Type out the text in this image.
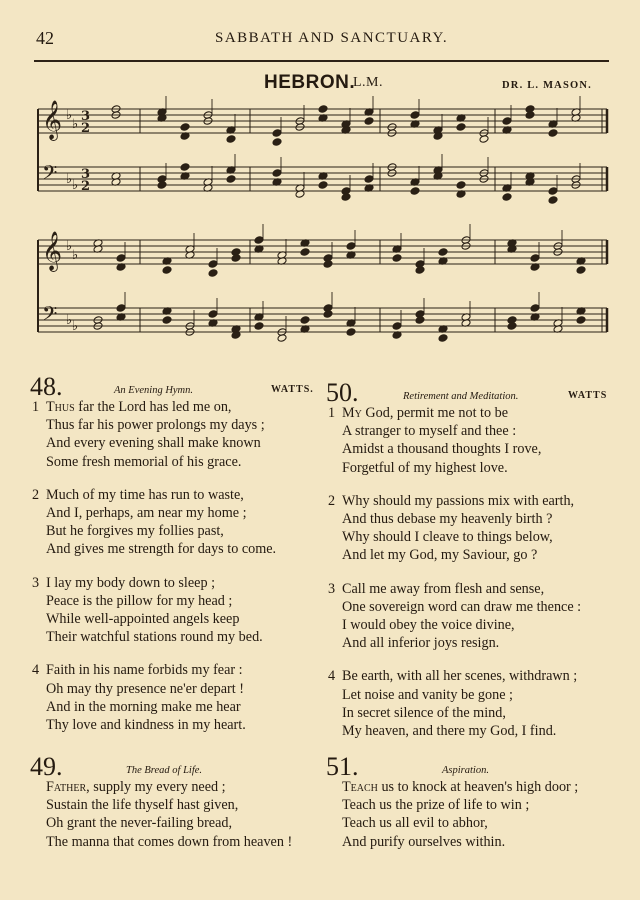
42	SABBATH AND SANCTUARY.
HEBRON.
L.M.	DR. L. MASON.
𝄞 ♭
♭
3
2
𝄢 ♭ ♭
3
2
𝄞 ♭
♭
𝄢 ♭ ♭
48.	An Evening Hymn.	WATTS.
1 Thus far the Lord has led me on,
Thus far his power prolongs my days ;
And every evening shall make known
Some fresh memorial of his grace.
2 Much of my time has run to waste,
And I, perhaps, am near my home ;
But he forgives my follies past,
And gives me strength for days to come.
3 I lay my body down to sleep ;
Peace is the pillow for my head ;
While well-appointed angels keep
Their watchful stations round my bed.
4 Faith in his name forbids my fear :
Oh may thy presence ne'er depart !
And in the morning make me hear
Thy love and kindness in my heart.
49.	The Bread of Life.
Father, supply my every need ;
Sustain the life thyself hast given,
Oh grant the never-failing bread,
The manna that comes down from heaven !
50.	Retirement and Meditation.	WATTS
1 My God, permit me not to be
A stranger to myself and thee :
Amidst a thousand thoughts I rove,
Forgetful of my highest love.
2 Why should my passions mix with earth,
And thus debase my heavenly birth ?
Why should I cleave to things below,
And let my God, my Saviour, go ?
3 Call me away from flesh and sense,
One sovereign word can draw me thence :
I would obey the voice divine,
And all inferior joys resign.
4 Be earth, with all her scenes, withdrawn ;
Let noise and vanity be gone ;
In secret silence of the mind,
My heaven, and there my God, I find.
51.	Aspiration.
Teach us to knock at heaven's high door ;
Teach us the prize of life to win ;
Teach us all evil to abhor,
And purify ourselves within.
